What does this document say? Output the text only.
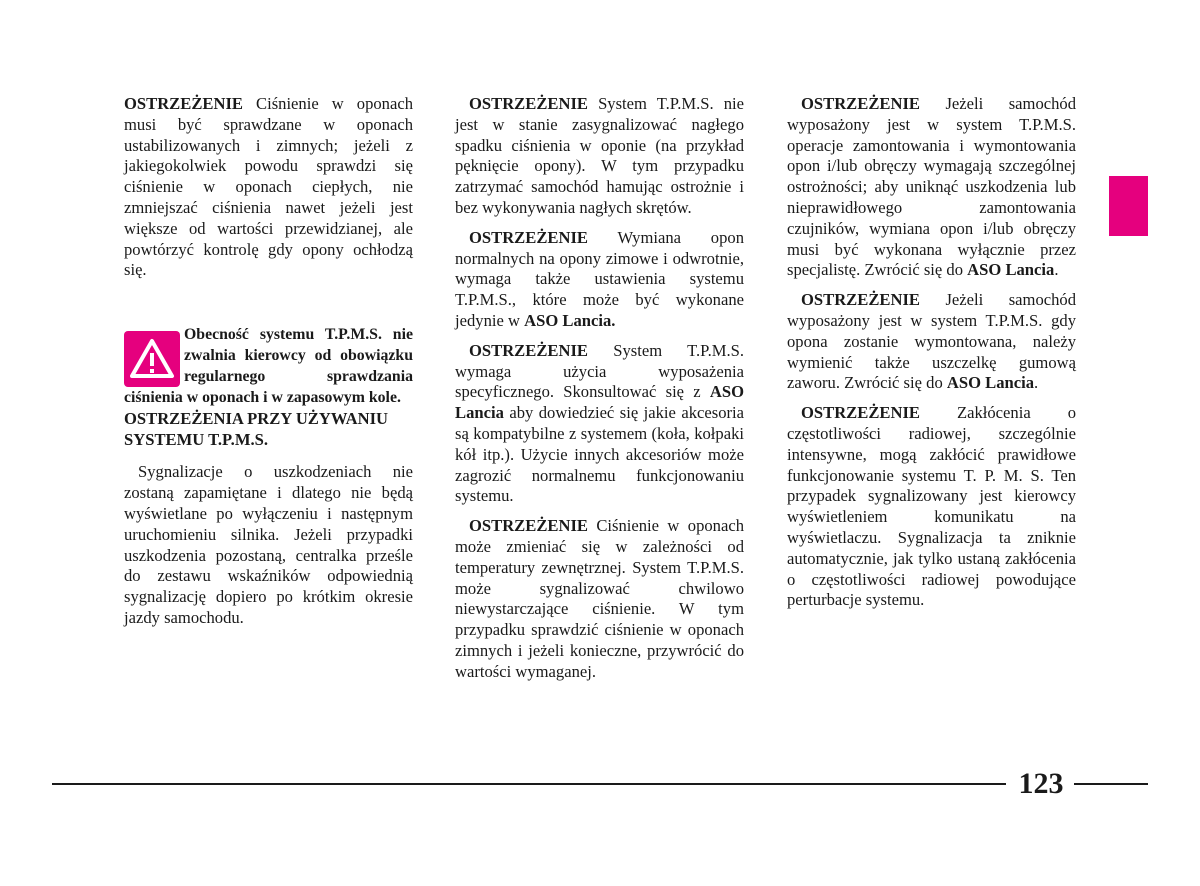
OSTRZEŻENIE Ciśnienie w oponach musi być sprawdzane w oponach ustabilizowanych i zimnych; jeżeli z jakiegokolwiek powodu sprawdzi się ciśnienie w oponach ciepłych, nie zmniejszać ciśnienia nawet jeżeli jest większe od wartości przewidzianej, ale powtórzyć kontrolę gdy opony ochłodzą się.

Obecność systemu T.P.M.S. nie zwalnia kierowcy od obowiązku regularnego sprawdzania ciśnienia w oponach i w zapasowym kole.

OSTRZEŻENIA PRZY UŻYWANIU SYSTEMU T.P.M.S.

Sygnalizacje o uszkodzeniach nie zostaną zapamiętane i dlatego nie będą wyświetlane po wyłączeniu i następnym uruchomieniu silnika. Jeżeli przypadki uszkodzenia pozostaną, centralka prześle do zestawu wskaźników odpowiednią sygnalizację dopiero po krótkim okresie jazdy samochodu.

OSTRZEŻENIE System T.P.M.S. nie jest w stanie zasygnalizować nagłego spadku ciśnienia w oponie (na przykład pęknięcie opony). W tym przypadku zatrzymać samochód hamując ostrożnie i bez wykonywania nagłych skrętów.

OSTRZEŻENIE Wymiana opon normalnych na opony zimowe i odwrotnie, wymaga także ustawienia systemu T.P.M.S., które może być wykonane jedynie w ASO Lancia.

OSTRZEŻENIE System T.P.M.S. wymaga użycia wyposażenia specyficznego. Skonsultować się z ASO Lancia aby dowiedzieć się jakie akcesoria są kompatybilne z systemem (koła, kołpaki kół itp.). Użycie innych akcesoriów może zagrozić normalnemu funkcjonowaniu systemu.

OSTRZEŻENIE Ciśnienie w oponach może zmieniać się w zależności od temperatury zewnętrznej. System T.P.M.S. może sygnalizować chwilowo niewystarczające ciśnienie. W tym przypadku sprawdzić ciśnienie w oponach zimnych i jeżeli konieczne, przywrócić do wartości wymaganej.

OSTRZEŻENIE Jeżeli samochód wyposażony jest w system T.P.M.S. operacje zamontowania i wymontowania opon i/lub obręczy wymagają szczególnej ostrożności; aby uniknąć uszkodzenia lub nieprawidłowego zamontowania czujników, wymiana opon i/lub obręczy musi być wykonana wyłącznie przez specjalistę. Zwrócić się do ASO Lancia.

OSTRZEŻENIE Jeżeli samochód wyposażony jest w system T.P.M.S. gdy opona zostanie wymontowana, należy wymienić także uszczelkę gumową zaworu. Zwrócić się do ASO Lancia.

OSTRZEŻENIE Zakłócenia o częstotliwości radiowej, szczególnie intensywne, mogą zakłócić prawidłowe funkcjonowanie systemu T. P. M. S. Ten przypadek sygnalizowany jest kierowcy wyświetleniem komunikatu na wyświetlaczu. Sygnalizacja ta zniknie automatycznie, jak tylko ustaną zakłócenia o częstotliwości radiowej powodujące perturbacje systemu.

123
